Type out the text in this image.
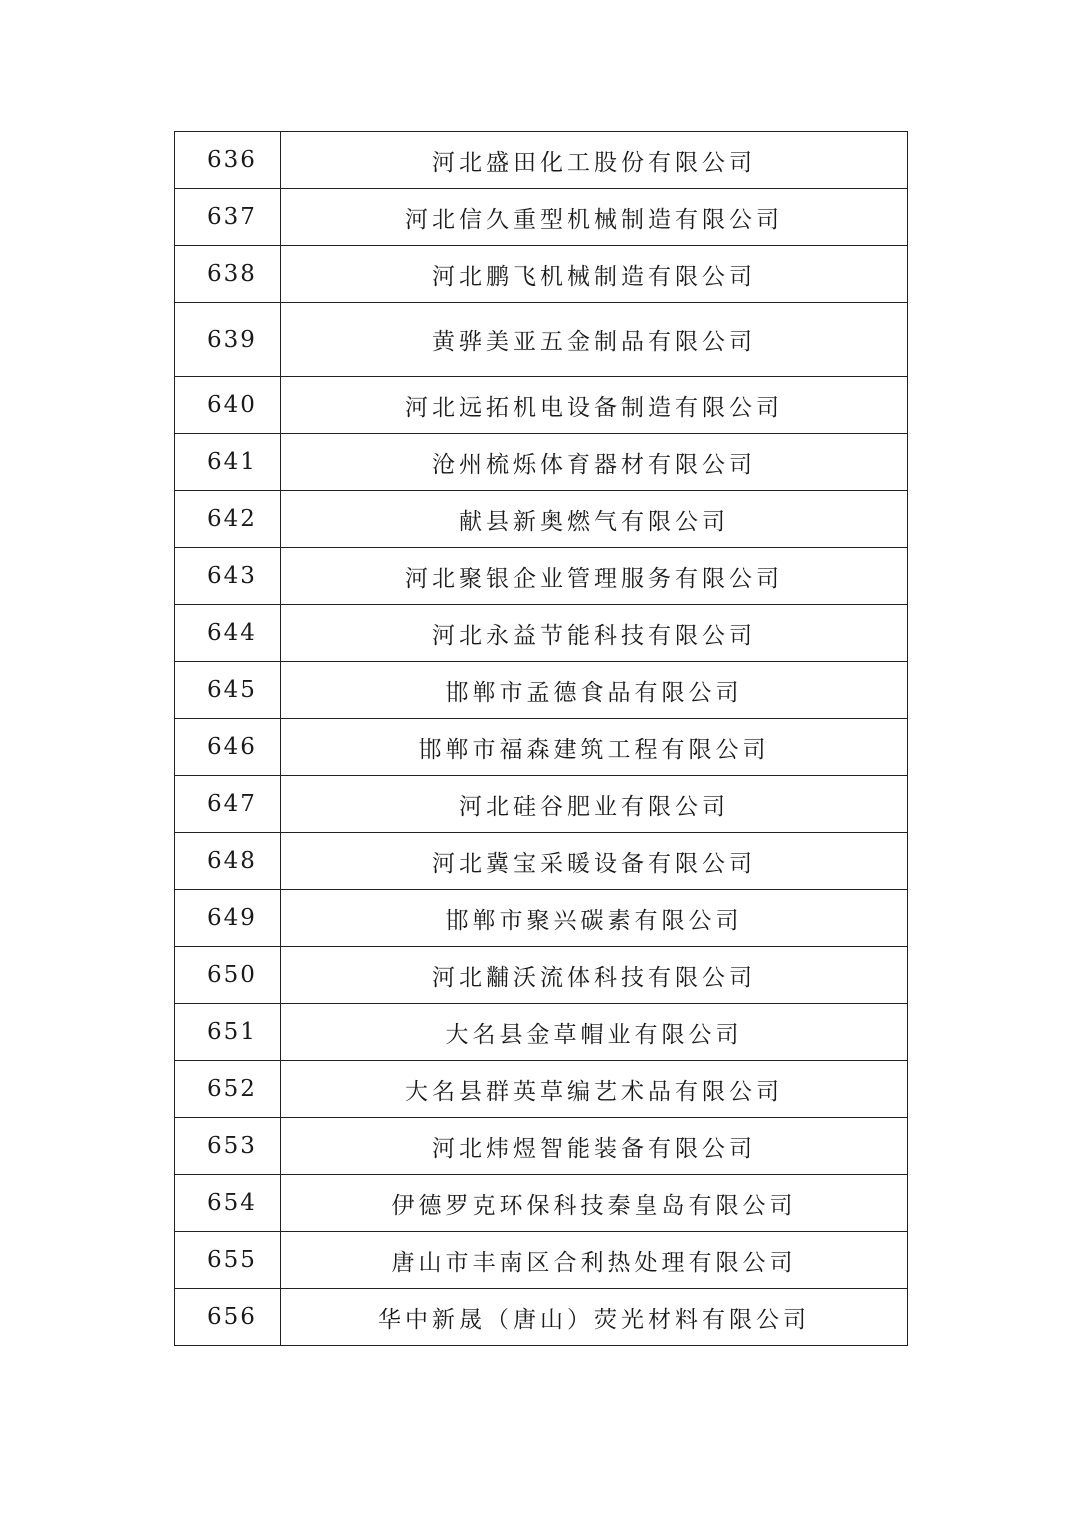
636	河北盛田化工股份有限公司
637	河北信久重型机械制造有限公司
638	河北鹏飞机械制造有限公司
639	黄骅美亚五金制品有限公司
640	河北远拓机电设备制造有限公司
641	沧州梳烁体育器材有限公司
642	献县新奥燃气有限公司
643	河北聚银企业管理服务有限公司
644	河北永益节能科技有限公司
645	邯郸市孟德食品有限公司
646	邯郸市福森建筑工程有限公司
647	河北硅谷肥业有限公司
648	河北冀宝采暖设备有限公司
649	邯郸市聚兴碳素有限公司
650	河北黼沃流体科技有限公司
651	大名县金草帽业有限公司
652	大名县群英草编艺术品有限公司
653	河北炜煜智能装备有限公司
654	伊德罗克环保科技秦皇岛有限公司
655	唐山市丰南区合利热处理有限公司
656	华中新晟（唐山）荧光材料有限公司
